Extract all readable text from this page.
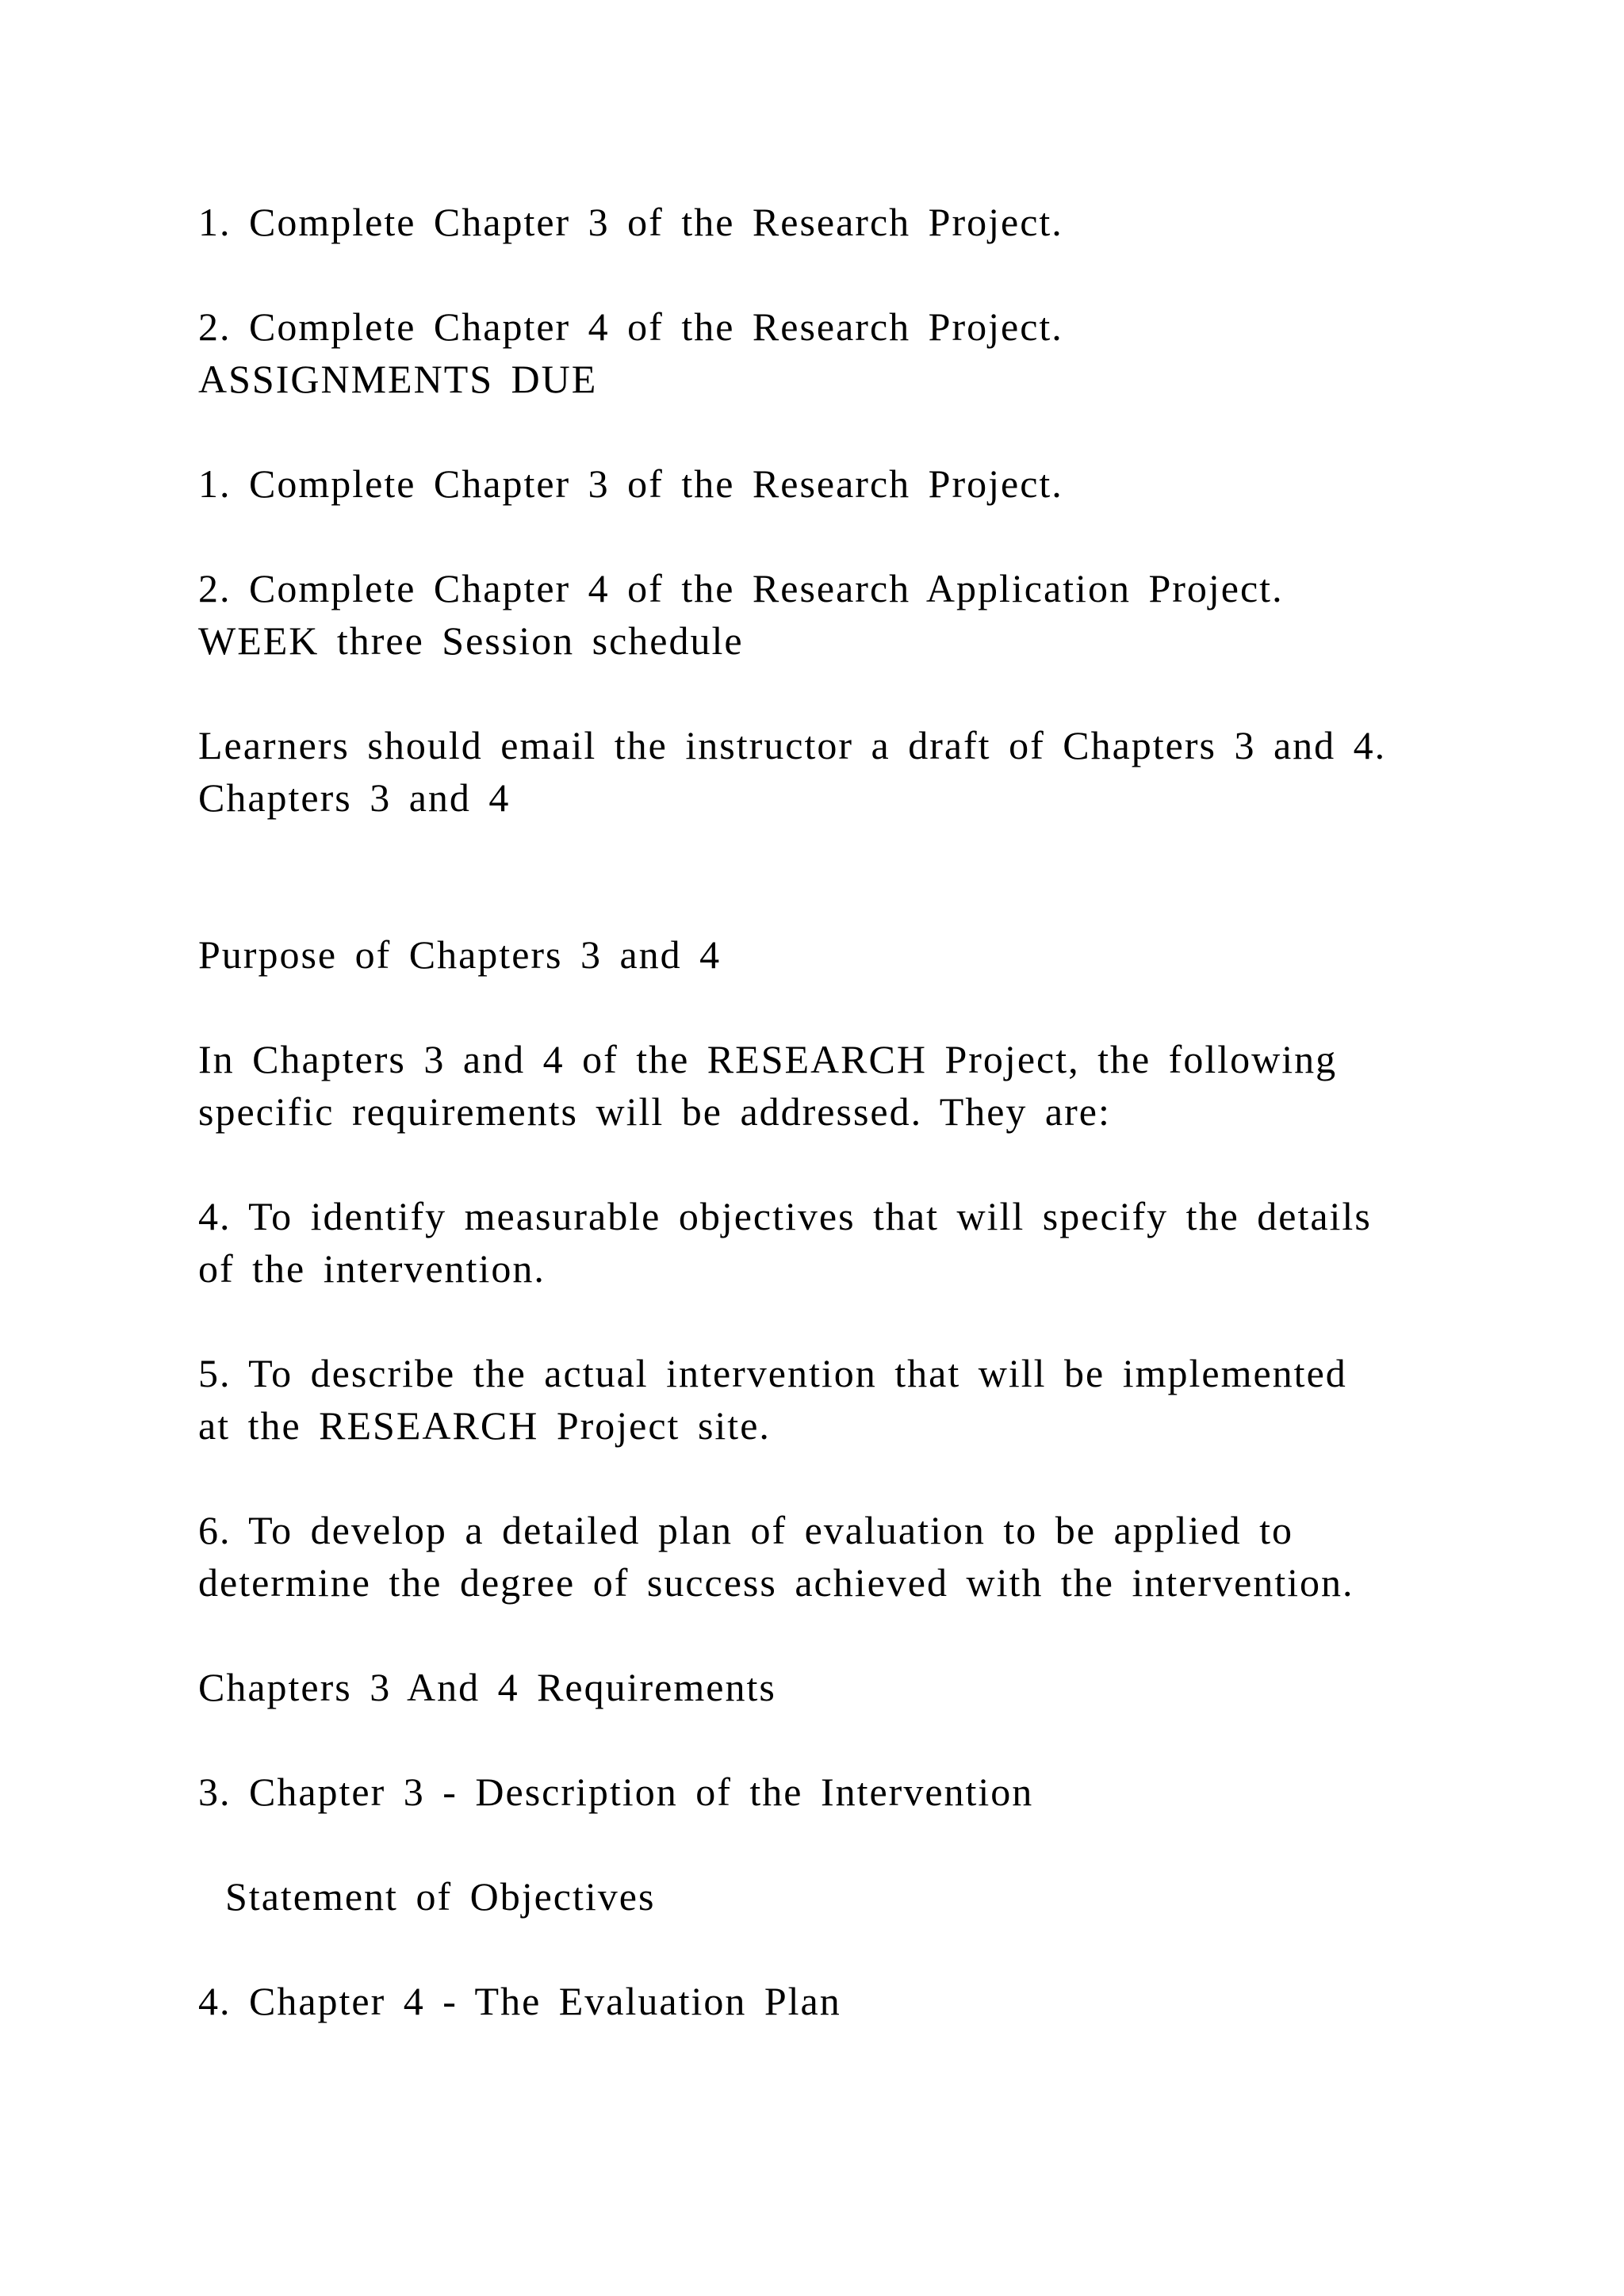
1. Complete Chapter 3 of the Research Project.
2. Complete Chapter 4 of the Research Project.
ASSIGNMENTS DUE
1. Complete Chapter 3 of the Research Project.
2. Complete Chapter 4 of the Research Application Project.
WEEK three Session schedule
Learners should email the instructor a draft of Chapters 3 and 4.
Chapters 3 and 4
Purpose of Chapters 3 and 4
In Chapters 3 and 4 of the RESEARCH Project, the following
specific requirements will be addressed. They are:
4. To identify measurable objectives that will specify the details
of the intervention.
5. To describe the actual intervention that will be implemented
at the RESEARCH Project site.
6. To develop a detailed plan of evaluation to be applied to
determine the degree of success achieved with the intervention.
Chapters 3 And 4 Requirements
3. Chapter 3 - Description of the Intervention
Statement of Objectives
4. Chapter 4 - The Evaluation Plan
